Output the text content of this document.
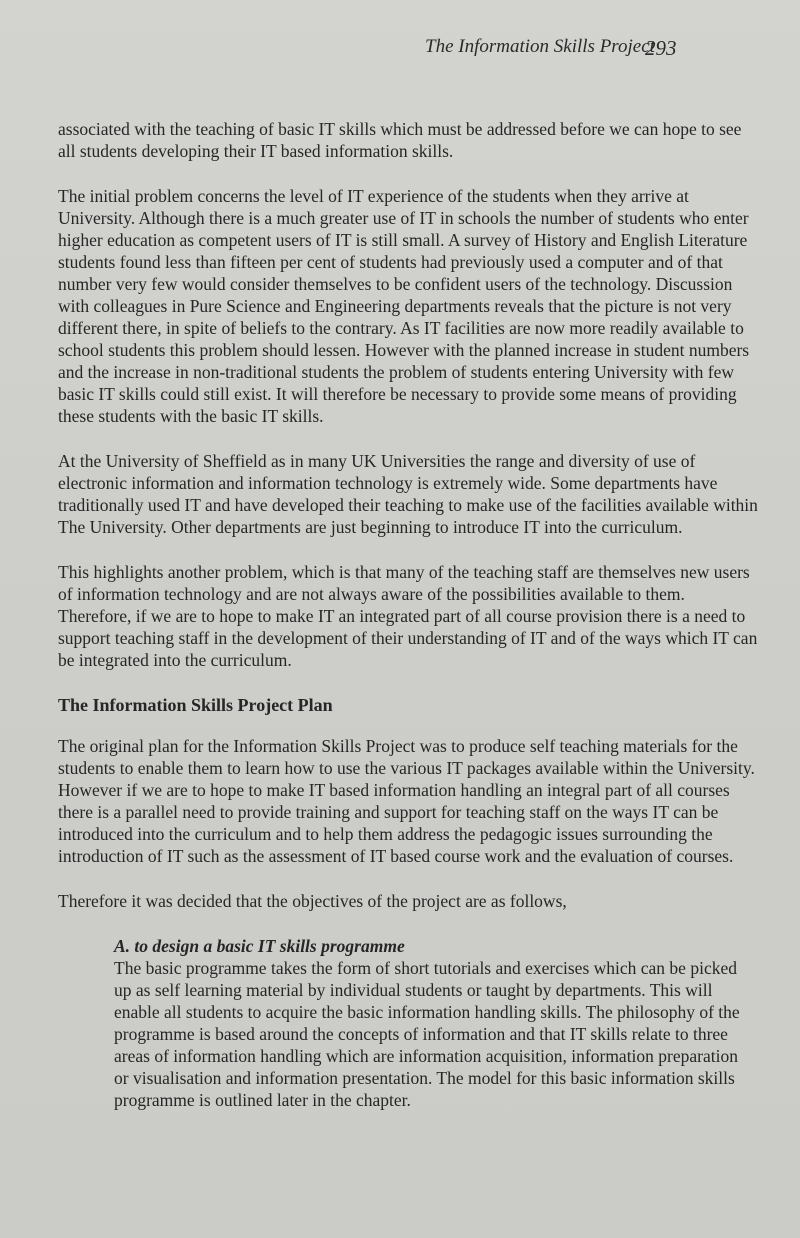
The Information Skills Project
293

associated with the teaching of basic IT skills which must be addressed before we can hope to see all students developing their IT based information skills.

The initial problem concerns the level of IT experience of the students when they arrive at University. Although there is a much greater use of IT in schools the number of students who enter higher education as competent users of IT is still small. A survey of History and English Literature students found less than fifteen per cent of students had previously used a computer and of that number very few would consider themselves to be confident users of the technology. Discussion with colleagues in Pure Science and Engineering departments reveals that the picture is not very different there, in spite of beliefs to the contrary. As IT facilities are now more readily available to school students this problem should lessen. However with the planned increase in student numbers and the increase in non-traditional students the problem of students entering University with few basic IT skills could still exist. It will therefore be necessary to provide some means of providing these students with the basic IT skills.

At the University of Sheffield as in many UK Universities the range and diversity of use of electronic information and information technology is extremely wide. Some departments have traditionally used IT and have developed their teaching to make use of the facilities available within The University. Other departments are just beginning to introduce IT into the curriculum.

This highlights another problem, which is that many of the teaching staff are themselves new users of information technology and are not always aware of the possibilities available to them. Therefore, if we are to hope to make IT an integrated part of all course provision there is a need to support teaching staff in the development of their understanding of IT and of the ways which IT can be integrated into the curriculum.

The Information Skills Project Plan

The original plan for the Information Skills Project was to produce self teaching materials for the students to enable them to learn how to use the various IT packages available within the University. However if we are to hope to make IT based information handling an integral part of all courses there is a parallel need to provide training and support for teaching staff on the ways IT can be introduced into the curriculum and to help them address the pedagogic issues surrounding the introduction of IT such as the assessment of IT based course work and the evaluation of courses.

Therefore it was decided that the objectives of the project are as follows,

A. to design a basic IT skills programme
The basic programme takes the form of short tutorials and exercises which can be picked up as self learning material by individual students or taught by departments. This will enable all students to acquire the basic information handling skills. The philosophy of the programme is based around the concepts of information and that IT skills relate to three areas of information handling which are information acquisition, information preparation or visualisation and information presentation. The model for this basic information skills programme is outlined later in the chapter.
